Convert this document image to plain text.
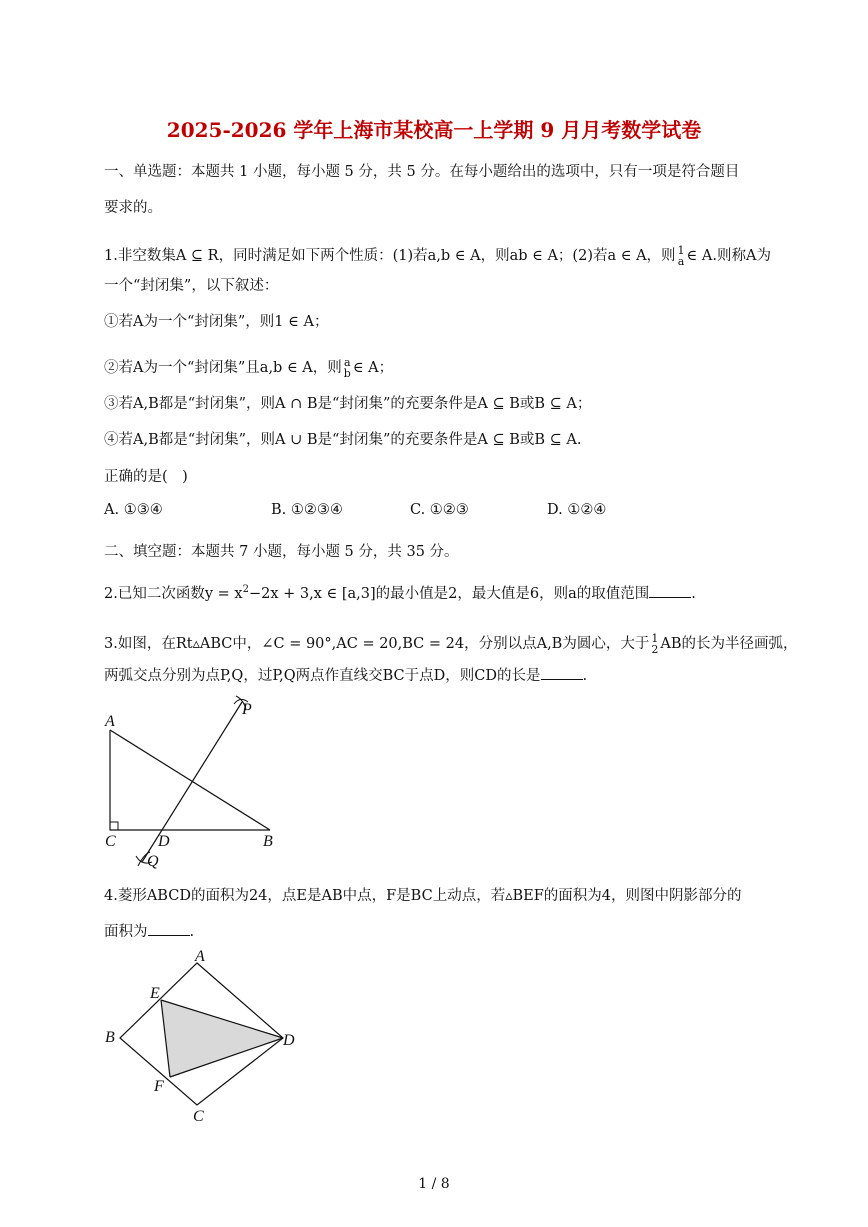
2025-2026 学年上海市某校高一上学期 9 月月考数学试卷
一、单选题：本题共 1 小题，每小题 5 分，共 5 分。在每小题给出的选项中，只有一项是符合题目
要求的。
1.非空数集A ⊆ R，同时满足如下两个性质：(1)若a,b ∈ A，则ab ∈ A；(2)若a ∈ A，则 1
a ∈ A.则称A为
一个“封闭集”，以下叙述：
①若A为一个“封闭集”，则1 ∈ A；
②若A为一个“封闭集”且a,b ∈ A，则 a
b ∈ A；
③若A,B都是“封闭集”，则A ∩ B是“封闭集”的充要条件是A ⊆ B或B ⊆ A；
④若A,B都是“封闭集”，则A ∪ B是“封闭集”的充要条件是A ⊆ B或B ⊆ A.
正确的是(　)
A. ①③④	B. ①②③④	C. ①②③	D. ①②④
二、填空题：本题共 7 小题，每小题 5 分，共 35 分。
2.已知二次函数$y = x^2-2x + 3,x$ ∈ [a,3]的最小值是2，最大值是6，则a的取值范围	.
3.如图，在Rt▵ABC中，∠C = 90°,AC = 20,BC = 24，分别以点A,B为圆心，大于 1
2 AB的长为半径画弧，
两弧交点分别为点P,Q，过P,Q两点作直线交BC于点D，则CD的长是	.
A
C	D	B
P
Q
4.菱形ABCD的面积为24，点E是AB中点，F是BC上动点，若▵BEF的面积为4，则图中阴影部分的
面积为	.
A
E
B	D
F
C
1 / 8
